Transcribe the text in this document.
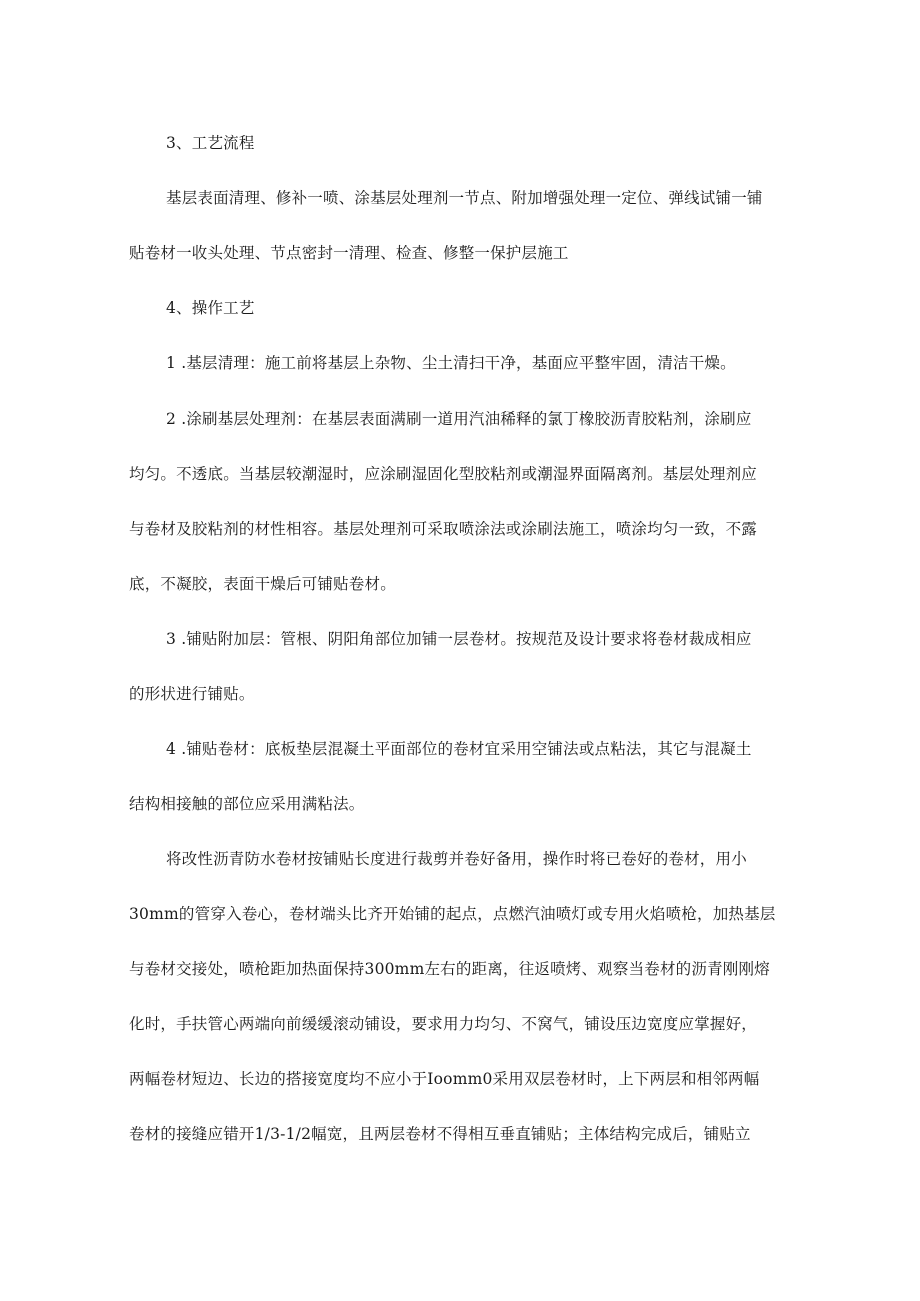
3、工艺流程
基层表面清理、修补一喷、涂基层处理剂一节点、附加增强处理一定位、弹线试铺一铺
贴卷材一收头处理、节点密封一清理、检查、修整一保护层施工
4、操作工艺
1 .基层清理：施工前将基层上杂物、尘土清扫干净，基面应平整牢固，清洁干燥。
2 .涂刷基层处理剂：在基层表面满刷一道用汽油稀释的氯丁橡胶沥青胶粘剂，涂刷应
均匀。不透底。当基层较潮湿时，应涂刷湿固化型胶粘剂或潮湿界面隔离剂。基层处理剂应
与卷材及胶粘剂的材性相容。基层处理剂可采取喷涂法或涂刷法施工，喷涂均匀一致，不露
底，不凝胶，表面干燥后可铺贴卷材。
3 .铺贴附加层：管根、阴阳角部位加铺一层卷材。按规范及设计要求将卷材裁成相应
的形状进行铺贴。
4 .铺贴卷材：底板垫层混凝土平面部位的卷材宜采用空铺法或点粘法，其它与混凝土
结构相接触的部位应采用满粘法。
将改性沥青防水卷材按铺贴长度进行裁剪并卷好备用，操作时将已卷好的卷材，用小
30mm的管穿入卷心，卷材端头比齐开始铺的起点，点燃汽油喷灯或专用火焰喷枪，加热基层
与卷材交接处，喷枪距加热面保持300mm左右的距离，往返喷烤、观察当卷材的沥青刚刚熔
化时，手扶管心两端向前缓缓滚动铺设，要求用力均匀、不窝气，铺设压边宽度应掌握好，
两幅卷材短边、长边的搭接宽度均不应小于Ioomm0采用双层卷材时，上下两层和相邻两幅
卷材的接缝应错开1/3-1/2幅宽，且两层卷材不得相互垂直铺贴；主体结构完成后，铺贴立
